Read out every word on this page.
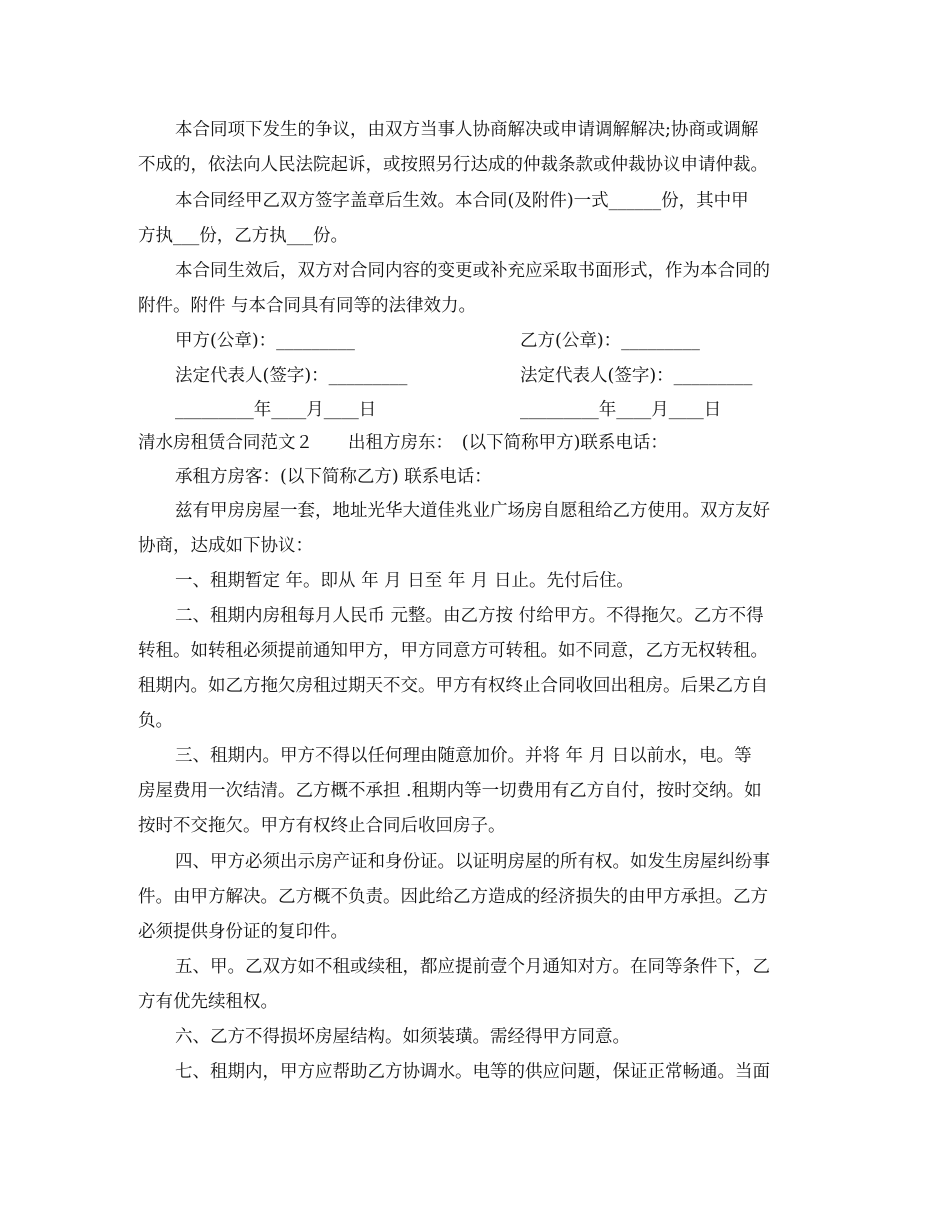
本合同项下发生的争议，由双方当事人协商解决或申请调解解决;协商或调解
不成的，依法向人民法院起诉，或按照另行达成的仲裁条款或仲裁协议申请仲裁。
本合同经甲乙双方签字盖章后生效。本合同(及附件)一式______份，其中甲
方执___份，乙方执___份。
本合同生效后，双方对合同内容的变更或补充应采取书面形式，作为本合同的
附件。附件 与本合同具有同等的法律效力。
甲方(公章)：_________	乙方(公章)：_________
法定代表人(签字)：_________	法定代表人(签字)：_________
_________年____月____日	_________年____月____日
清水房租赁合同范文２　　出租方房东：　(以下简称甲方)联系电话：
承租方房客：(以下简称乙方) 联系电话：
兹有甲房房屋一套，地址光华大道佳兆业广场房自愿租给乙方使用。双方友好
协商，达成如下协议：
一、租期暂定 年。即从 年 月 日至 年 月 日止。先付后住。
二、租期内房租每月人民币 元整。由乙方按 付给甲方。不得拖欠。乙方不得
转租。如转租必须提前通知甲方，甲方同意方可转租。如不同意，乙方无权转租。
租期内。如乙方拖欠房租过期天不交。甲方有权终止合同收回出租房。后果乙方自
负。
三、租期内。甲方不得以任何理由随意加价。并将 年 月 日以前水，电。等
房屋费用一次结清。乙方概不承担 .租期内等一切费用有乙方自付，按时交纳。如
按时不交拖欠。甲方有权终止合同后收回房子。
四、甲方必须出示房产证和身份证。以证明房屋的所有权。如发生房屋纠纷事
件。由甲方解决。乙方概不负责。因此给乙方造成的经济损失的由甲方承担。乙方
必须提供身份证的复印件。
五、甲。乙双方如不租或续租，都应提前壹个月通知对方。在同等条件下，乙
方有优先续租权。
六、乙方不得损坏房屋结构。如须装璜。需经得甲方同意。
七、租期内，甲方应帮助乙方协调水。电等的供应问题，保证正常畅通。当面
